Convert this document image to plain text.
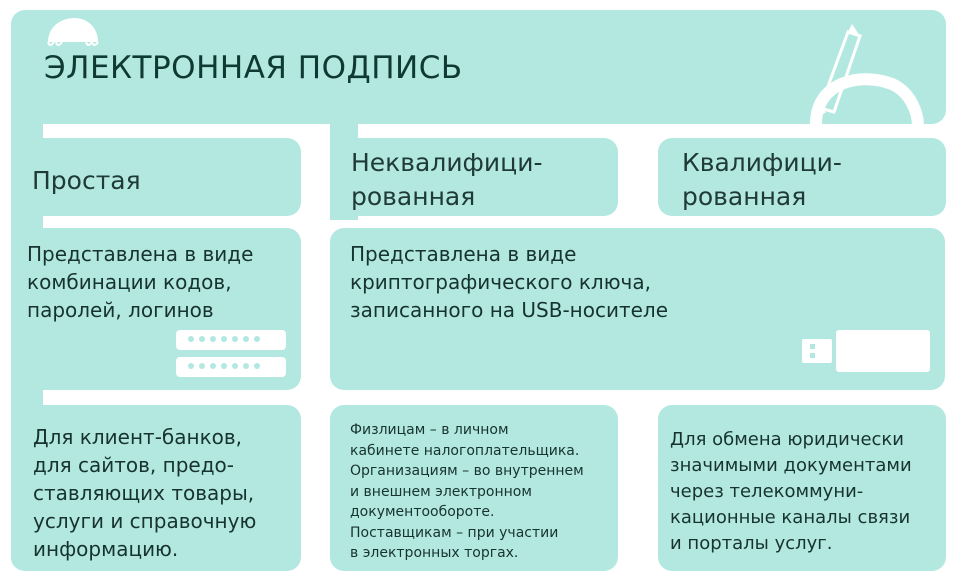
ЭЛЕКТРОННАЯ ПОДПИСЬ
Простая
Представлена в виде
комбинации кодов,
паролей, логинов
Для клиент-банков,
для сайтов, предо-
ставляющих товары,
услуги и справочную
информацию.
Неквалифици-
рованная
Представлена в виде
криптографического ключа,
записанного на USB-носителе
Физлицам – в личном
кабинете налогоплательщика.
Организациям – во внутреннем
и внешнем электронном
документообороте.
Поставщикам – при участии
в электронных торгах.
Квалифици-
рованная
Для обмена юридически
значимыми документами
через телекоммуни-
кационные каналы связи
и порталы услуг.
